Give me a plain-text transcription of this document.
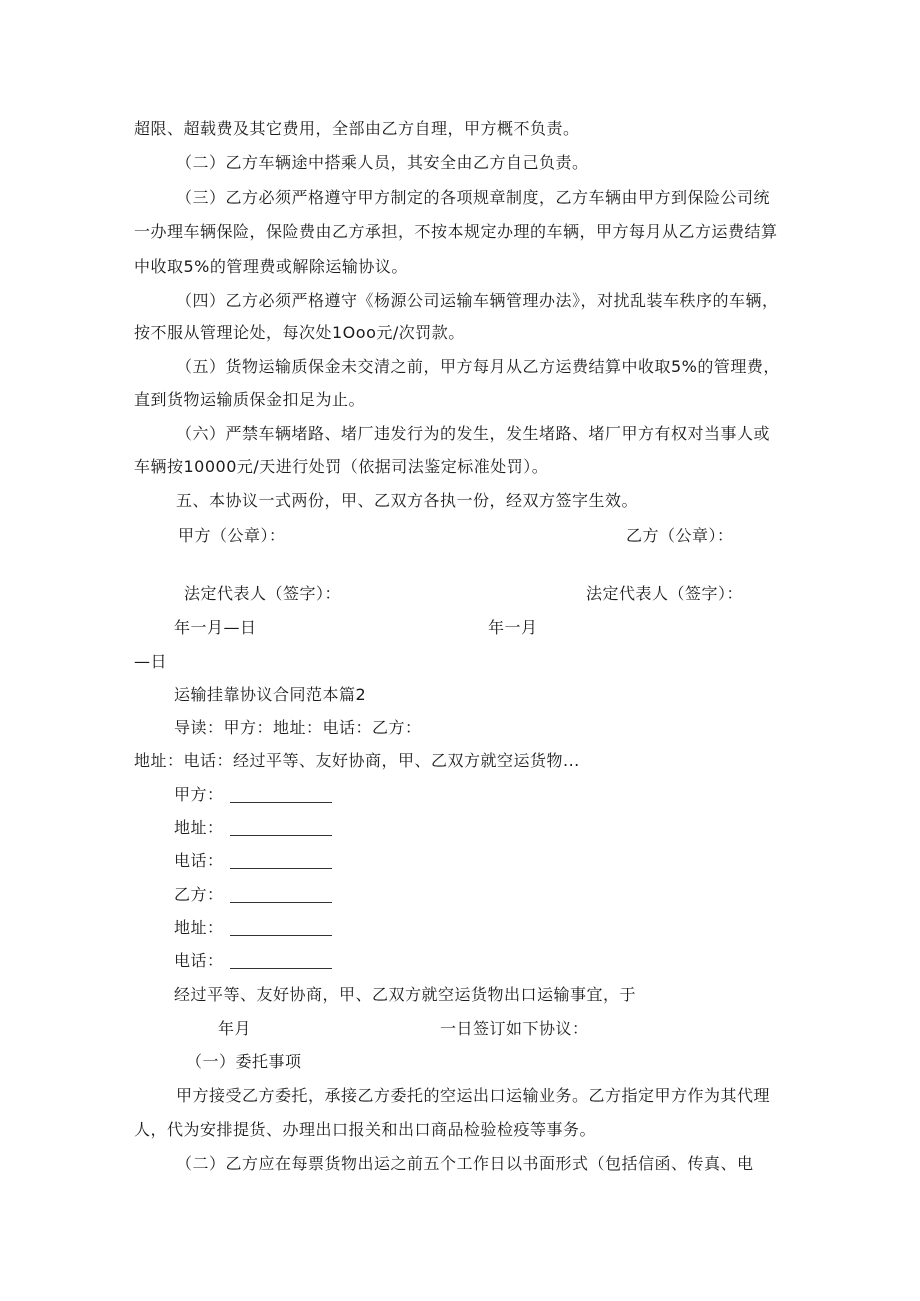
超限、超载费及其它费用，全部由乙方自理，甲方概不负责。
（二）乙方车辆途中搭乘人员，其安全由乙方自己负责。
（三）乙方必须严格遵守甲方制定的各项规章制度，乙方车辆由甲方到保险公司统
一办理车辆保险，保险费由乙方承担，不按本规定办理的车辆，甲方每月从乙方运费结算
中收取5%的管理费或解除运输协议。
（四）乙方必须严格遵守《杨源公司运输车辆管理办法》，对扰乱装车秩序的车辆，
按不服从管理论处，每次处1Ooo元/次罚款。
（五）货物运输质保金未交清之前，甲方每月从乙方运费结算中收取5%的管理费，
直到货物运输质保金扣足为止。
（六）严禁车辆堵路、堵厂违发行为的发生，发生堵路、堵厂甲方有权对当事人或
车辆按10000元/天进行处罚（依据司法鉴定标准处罚）。
五、本协议一式两份，甲、乙双方各执一份，经双方签字生效。
甲方（公章）：	乙方（公章）：
法定代表人（签字）：	法定代表人（签字）：
年一月—日	年一月
—日
运输挂靠协议合同范本篇2
导读：甲方：地址：电话：乙方：
地址：电话：经过平等、友好协商，甲、乙双方就空运货物...
甲方：
地址：
电话：
乙方：
地址：
电话：
经过平等、友好协商，甲、乙双方就空运货物出口运输事宜，于
年月	一日签订如下协议：
（一）委托事项
甲方接受乙方委托，承接乙方委托的空运出口运输业务。乙方指定甲方作为其代理
人，代为安排提货、办理出口报关和出口商品检验检疫等事务。
（二）乙方应在每票货物出运之前五个工作日以书面形式（包括信函、传真、电
